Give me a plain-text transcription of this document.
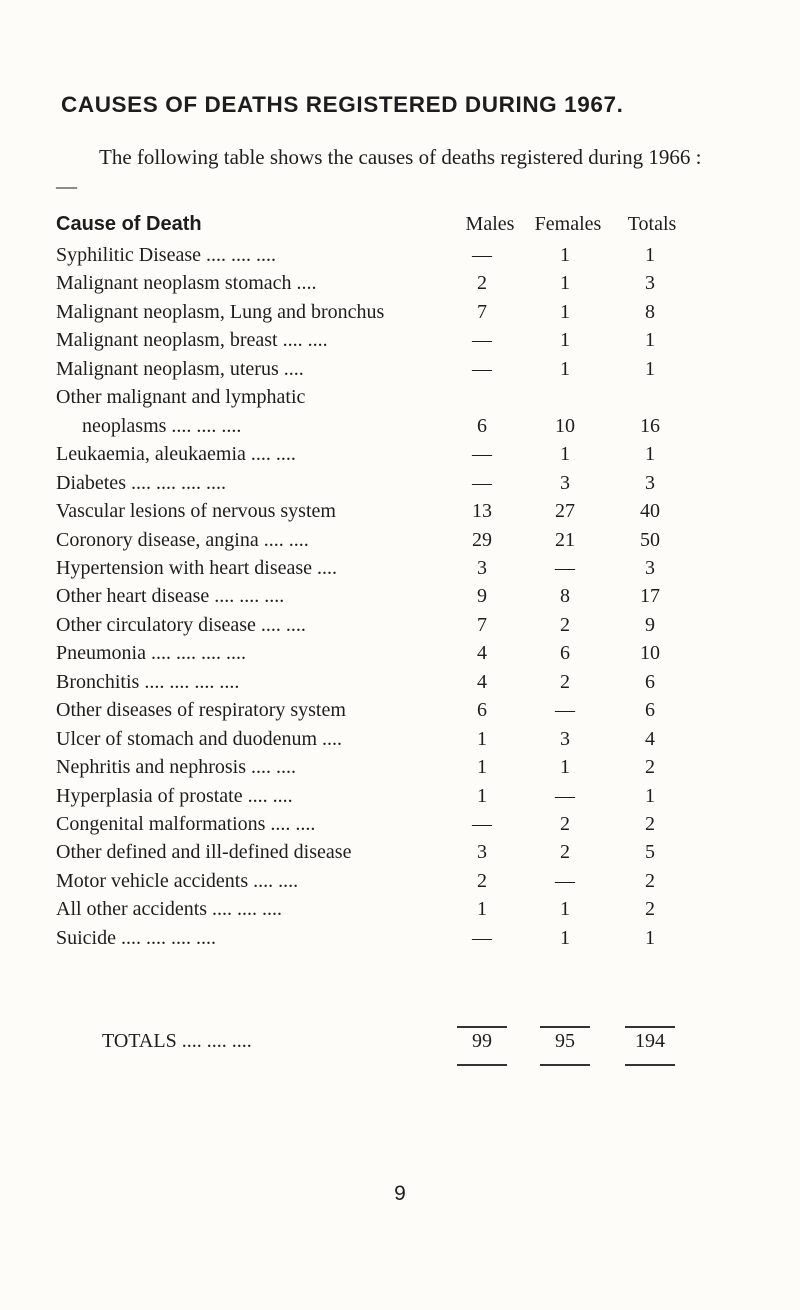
CAUSES OF DEATHS REGISTERED DURING 1967.
The following table shows the causes of deaths registered during 1966 :—
Cause of Death	Males	Females	Totals
Syphilitic Disease .... .... ....	—	1	1
Malignant neoplasm stomach ....	2	1	3
Malignant neoplasm, Lung and bronchus	7	1	8
Malignant neoplasm, breast .... ....	—	1	1
Malignant neoplasm, uterus ....	—	1	1
Other malignant and lymphatic
neoplasms .... .... ....	6	10	16
Leukaemia, aleukaemia .... ....	—	1	1
Diabetes .... .... .... ....	—	3	3
Vascular lesions of nervous system	13	27	40
Coronory disease, angina .... ....	29	21	50
Hypertension with heart disease ....	3	—	3
Other heart disease .... .... ....	9	8	17
Other circulatory disease .... ....	7	2	9
Pneumonia .... .... .... ....	4	6	10
Bronchitis .... .... .... ....	4	2	6
Other diseases of respiratory system	6	—	6
Ulcer of stomach and duodenum ....	1	3	4
Nephritis and nephrosis .... ....	1	1	2
Hyperplasia of prostate .... ....	1	—	1
Congenital malformations .... ....	—	2	2
Other defined and ill-defined disease	3	2	5
Motor vehicle accidents .... ....	2	—	2
All other accidents .... .... ....	1	1	2
Suicide .... .... .... ....	—	1	1
TOTALS .... .... ....	99	95	194
9
